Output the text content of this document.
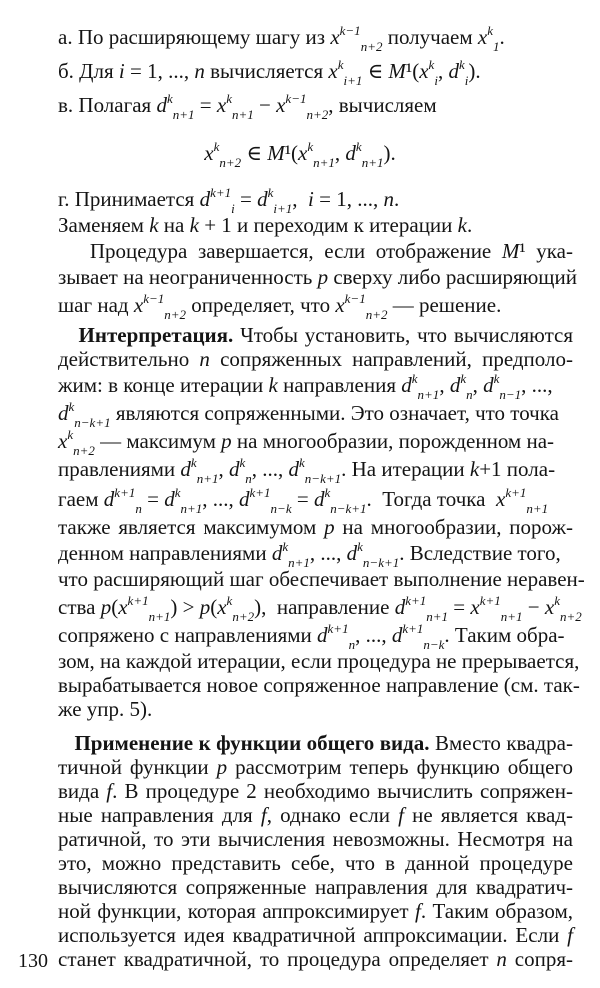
а. По расширяющему шагу из $x^{k-1}_{n+2}$ получаем $x^k_1$.
б. Для i = 1, ..., n вычисляется $x^k_{i+1}$ ∈ $M^1(x^k_i$, $d^k_i$).
в. Полагая $d^k_{n+1} = x^k_{n+1} - x^{k-1}_{n+2}$, вычисляем
$x^k_{n+2}$ ∈ $M^1(x^k_{n+1}$, $d^k_{n+1}$).
г. Принимается $d^{k+1}_i = d^k_{i+1}$,  i = 1, ..., n.
Заменяем k на k + 1 и переходим к итерации k.
Процедура завершается, если отображение M¹ ука-
зывает на неограниченность p сверху либо расширяющий
шаг над $x^{k-1}_{n+2}$ определяет, что $x^{k-1}_{n+2}$ — решение.
Интерпретация. Чтобы установить, что вычисляются
действительно n сопряженных направлений, предполо-
жим: в конце итерации k направления $d^k_{n+1}$, $d^k_n$, $d^k_{n-1}$, ...,
$d^k_{n-k+1}$ являются сопряженными. Это означает, что точка
$x^k_{n+2}$ — максимум p на многообразии, порожденном на-
правлениями $d^k_{n+1}$, $d^k_n$, ..., $d^k_{n-k+1}$. На итерации k+1 пола-
гаем $d^{k+1}_n = d^k_{n+1}$, ..., $d^{k+1}_{n-k} = d^k_{n-k+1}$.  Тогда точка  $x^{k+1}_{n+1}$
также является максимумом p на многообразии, порож-
денном направлениями $d^k_{n+1}$, ..., $d^k_{n-k+1}$. Вследствие того,
что расширяющий шаг обеспечивает выполнение неравен-
ства $p(x^{k+1}_{n+1}) > p(x^k_{n+2})$,  направление $d^{k+1}_{n+1} = x^{k+1}_{n+1} - x^k_{n+2}$
сопряжено с направлениями $d^{k+1}_n$, ..., $d^{k+1}_{n-k}$. Таким обра-
зом, на каждой итерации, если процедура не прерывается,
вырабатывается новое сопряженное направление (см. так-
же упр. 5).
Применение к функции общего вида. Вместо квадра-
тичной функции p рассмотрим теперь функцию общего
вида f. В процедуре 2 необходимо вычислить сопряжен-
ные направления для f, однако если f не является квад-
ратичной, то эти вычисления невозможны. Несмотря на
это, можно представить себе, что в данной процедуре
вычисляются сопряженные направления для квадратич-
ной функции, которая аппроксимирует f. Таким образом,
используется идея квадратичной аппроксимации. Если f
станет квадратичной, то процедура определяет n сопря-
130
